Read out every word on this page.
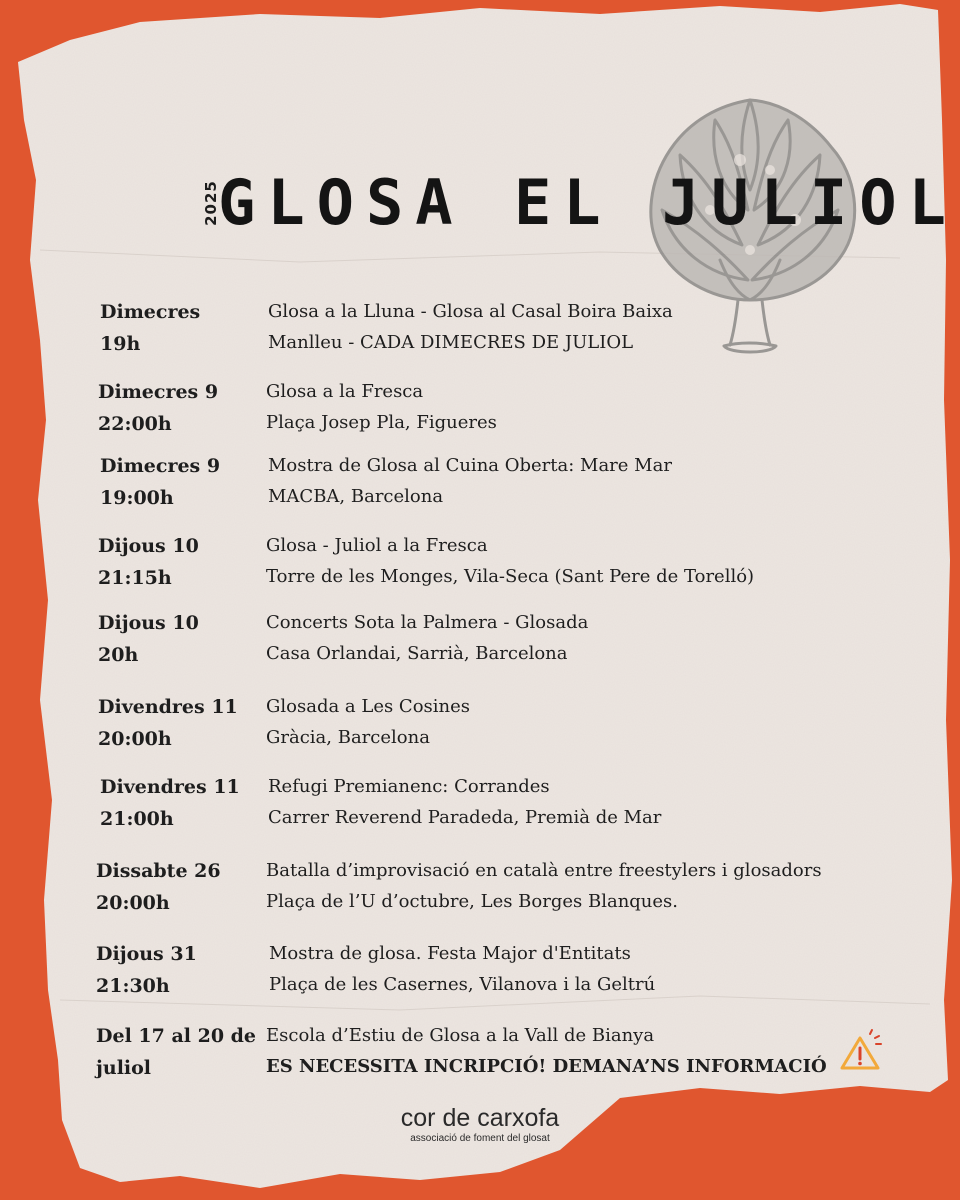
2025
GLOSA EL JULIOL
Dimecres
19h
Glosa a la Lluna - Glosa al Casal Boira Baixa
Manlleu - CADA DIMECRES DE JULIOL
Dimecres 9
22:00h
Glosa a la Fresca
Plaça Josep Pla, Figueres
Dimecres 9
19:00h
Mostra de Glosa al Cuina Oberta: Mare Mar
MACBA, Barcelona
Dijous 10
21:15h
Glosa - Juliol a la Fresca
Torre de les Monges, Vila-Seca (Sant Pere de Torelló)
Dijous 10
20h
Concerts Sota la Palmera - Glosada
Casa Orlandai, Sarrià, Barcelona
Divendres 11
20:00h
Glosada a Les Cosines
Gràcia, Barcelona
Divendres 11
21:00h
Refugi Premianenc: Corrandes
Carrer Reverend Paradeda, Premià de Mar
Dissabte 26
20:00h
Batalla d’improvisació en català entre freestylers i glosadors
Plaça de l’U d’octubre, Les Borges Blanques.
Dijous 31
21:30h
Mostra de glosa. Festa Major d'Entitats
Plaça de les Casernes, Vilanova i la Geltrú
Del 17 al 20 de
juliol
Escola d’Estiu de Glosa a la Vall de Bianya
ES NECESSITA INCRIPCIÓ! DEMANA’NS INFORMACIÓ
cor de carxofa
associació de foment del glosat
